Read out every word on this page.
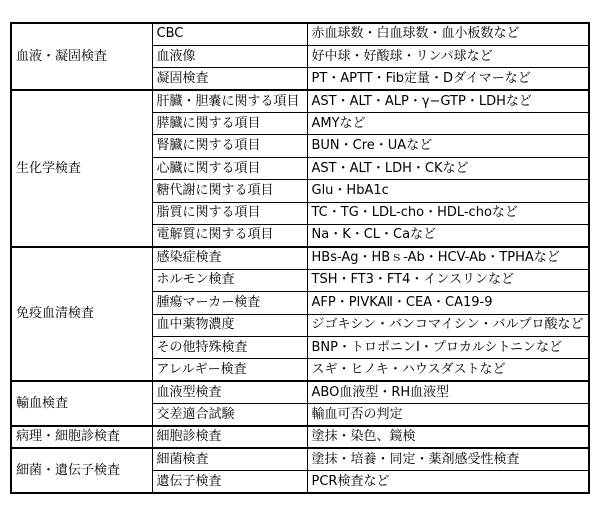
血液・凝固検査	CBC	赤血球数・白血球数・血小板数など
	血液像	好中球・好酸球・リンパ球など
	凝固検査	PT・APTT・Fib定量・Dダイマーなど
生化学検査	肝臓・胆嚢に関する項目	AST・ALT・ALP・γ−GTP・LDHなど
	膵臓に関する項目	AMYなど
	腎臓に関する項目	BUN・Cre・UAなど
	心臓に関する項目	AST・ALT・LDH・CKなど
	糖代謝に関する項目	Glu・HbA1c
	脂質に関する項目	TC・TG・LDL-cho・HDL-choなど
	電解質に関する項目	Na・K・CL・Caなど
免疫血清検査	感染症検査	HBs-Ag・HBｓ-Ab・HCV-Ab・TPHAなど
	ホルモン検査	TSH・FT3・FT4・インスリンなど
	腫瘍マーカー検査	AFP・PIVKAⅡ・CEA・CA19-9
	血中薬物濃度	ジゴキシン・バンコマイシン・バルプロ酸など
	その他特殊検査	BNP・トロポニンI・プロカルシトニンなど
	アレルギー検査	スギ・ヒノキ・ハウスダストなど
輸血検査	血液型検査	ABO血液型・RH血液型
	交差適合試験	輸血可否の判定
病理・細胞診検査	細胞診検査	塗抹・染色、鏡検
細菌・遺伝子検査	細菌検査	塗抹・培養・同定・薬剤感受性検査
	遺伝子検査	PCR検査など
